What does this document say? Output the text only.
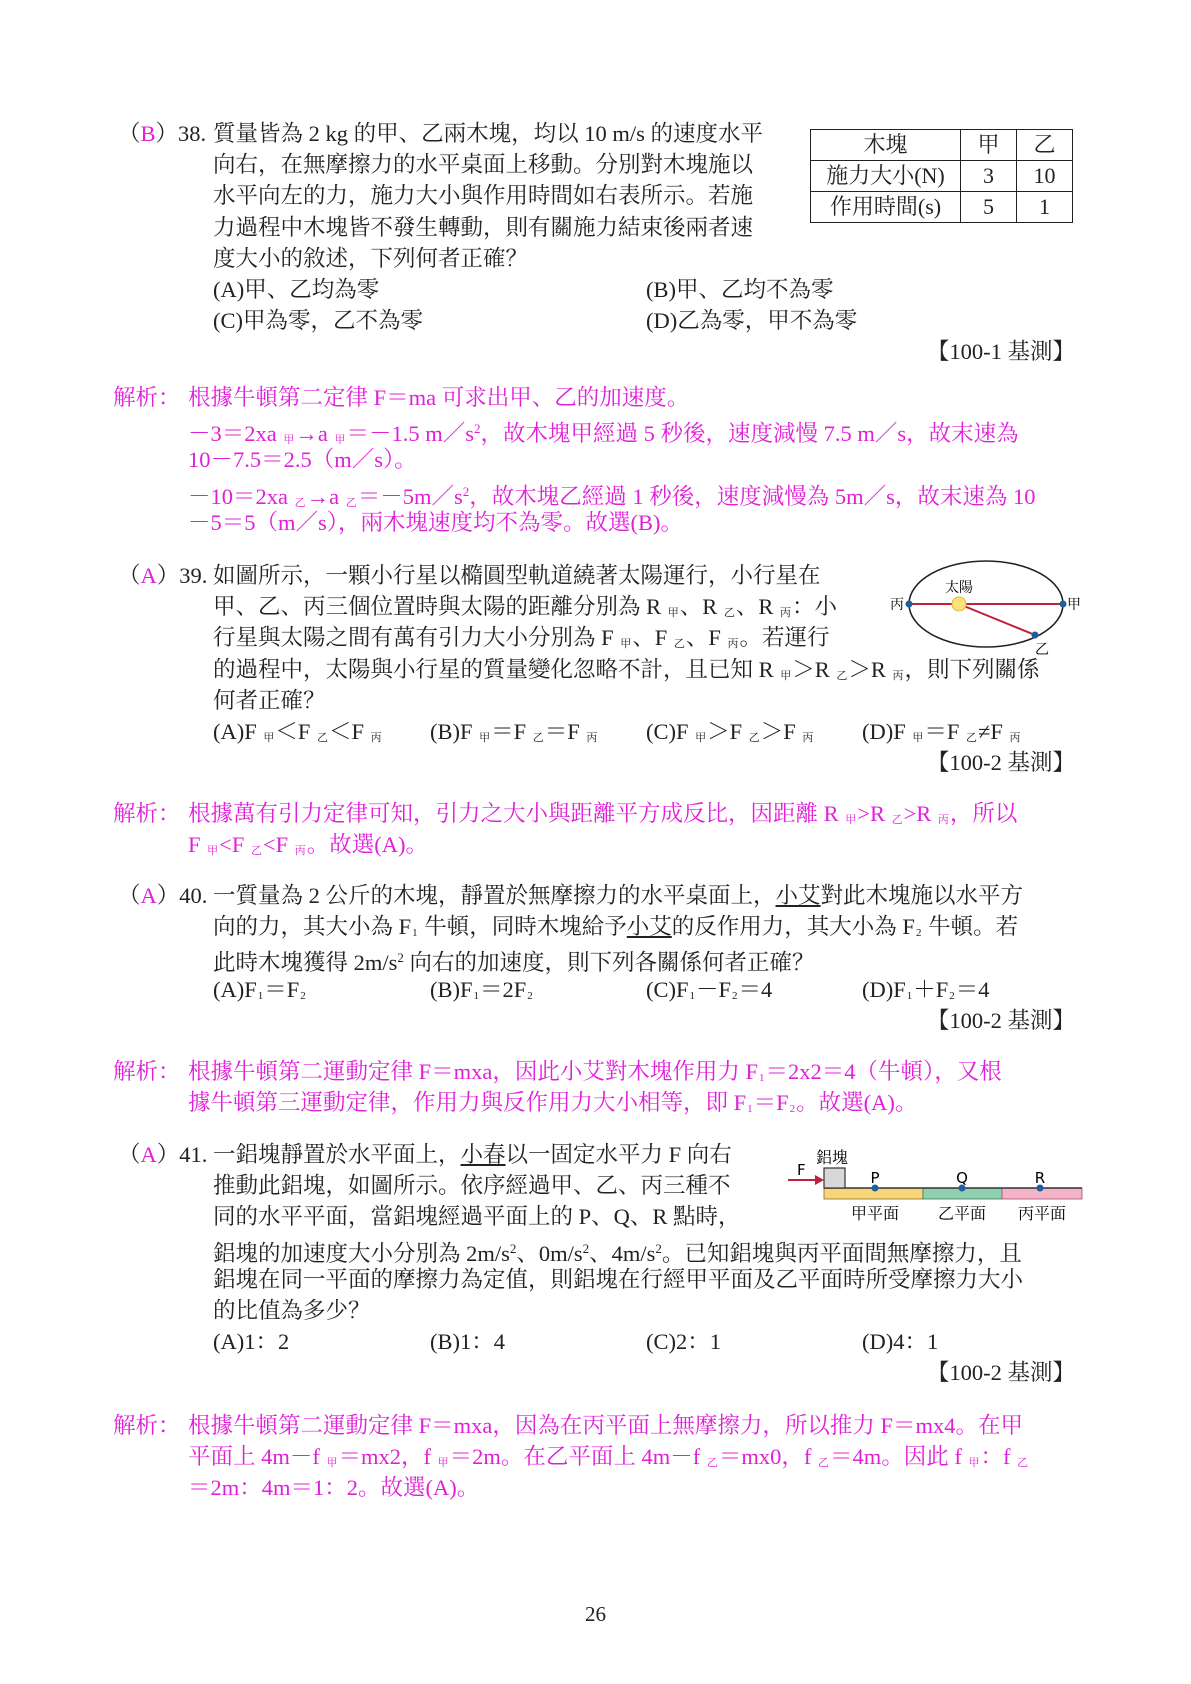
（B）38. 質量皆為 2 kg 的甲、乙兩木塊，均以 10 m/s 的速度水平
向右，在無摩擦力的水平桌面上移動。分別對木塊施以
水平向左的力，施力大小與作用時間如右表所示。若施
力過程中木塊皆不發生轉動，則有關施力結束後兩者速
度大小的敘述，下列何者正確？
(A)甲、乙均為零	(B)甲、乙均不為零
(C)甲為零，乙不為零	(D)乙為零，甲不為零
【100-1 基測】
木塊	甲	乙
施力大小(N)	3	10
作用時間(s)	5	1
解析： 根據牛頓第二定律 F＝ma 可求出甲、乙的加速度。
－3＝2xa 甲→a 甲＝－1.5 $m/s^2$，故木塊甲經過 5 秒後，速度減慢 7.5 m／s，故末速為
10－7.5＝2.5（m／s）。
－10＝2xa 乙→a 乙$=-5m/s^2$，故木塊乙經過 1 秒後，速度減慢為 5m／s，故末速為 10
－5＝5（m／s），兩木塊速度均不為零。故選(B)。
（A）39. 如圖所示，一顆小行星以橢圓型軌道繞著太陽運行，小行星在
甲、乙、丙三個位置時與太陽的距離分別為 R 甲、R 乙、R 丙：小
行星與太陽之間有萬有引力大小分別為 F 甲、F 乙、F 丙。若運行
的過程中，太陽與小行星的質量變化忽略不計，且已知 R 甲＞R 乙＞R 丙，則下列關係
何者正確？
(A)F 甲＜F 乙＜F 丙 (B)F 甲＝F 乙＝F 丙 (C)F 甲＞F 乙＞F 丙 (D)F 甲＝F 乙≠F 丙
【100-2 基測】
太陽
丙	甲
乙
解析： 根據萬有引力定律可知，引力之大小與距離平方成反比，因距離 R 甲>R 乙>R 丙，所以
F 甲<F 乙<F 丙。故選(A)。
（A）40. 一質量為 2 公斤的木塊，靜置於無摩擦力的水平桌面上，小艾對此木塊施以水平方
向的力，其大小為 F1 牛頓，同時木塊給予小艾的反作用力，其大小為 F2 牛頓。若
此時木塊獲得 $2m/s^2$ 向右的加速度，則下列各關係何者正確？
(A)F1＝F2	(B)F1＝2F2	(C)F1－F2＝4	(D)F1＋F2＝4
【100-2 基測】
解析： 根據牛頓第二運動定律 F＝mxa，因此小艾對木塊作用力 F1＝2x2＝4（牛頓），又根
據牛頓第三運動定律，作用力與反作用力大小相等，即 F1＝F2。故選(A)。
（A）41. 一鋁塊靜置於水平面上，小春以一固定水平力 F 向右
推動此鋁塊，如圖所示。依序經過甲、乙、丙三種不
同的水平平面，當鋁塊經過平面上的 P、Q、R 點時，
鋁塊的加速度大小分別為 $2m/s^2$、$0m/s^2$、$4m/s^2$。已知鋁塊與丙平面間無摩擦力，且
鋁塊在同一平面的摩擦力為定值，則鋁塊在行經甲平面及乙平面時所受摩擦力大小
的比值為多少？
(A)1：2	(B)1：4	(C)2：1	(D)4：1
【100-2 基測】
F
鋁塊
P	Q	R
甲平面 乙平面 丙平面
解析： 根據牛頓第二運動定律 F＝mxa，因為在丙平面上無摩擦力，所以推力 F＝mx4。在甲
平面上 4m－f 甲＝mx2，f 甲＝2m。在乙平面上 4m－f 乙＝mx0，f 乙＝4m。因此 f 甲：f 乙
＝2m：4m＝1：2。故選(A)。
26
